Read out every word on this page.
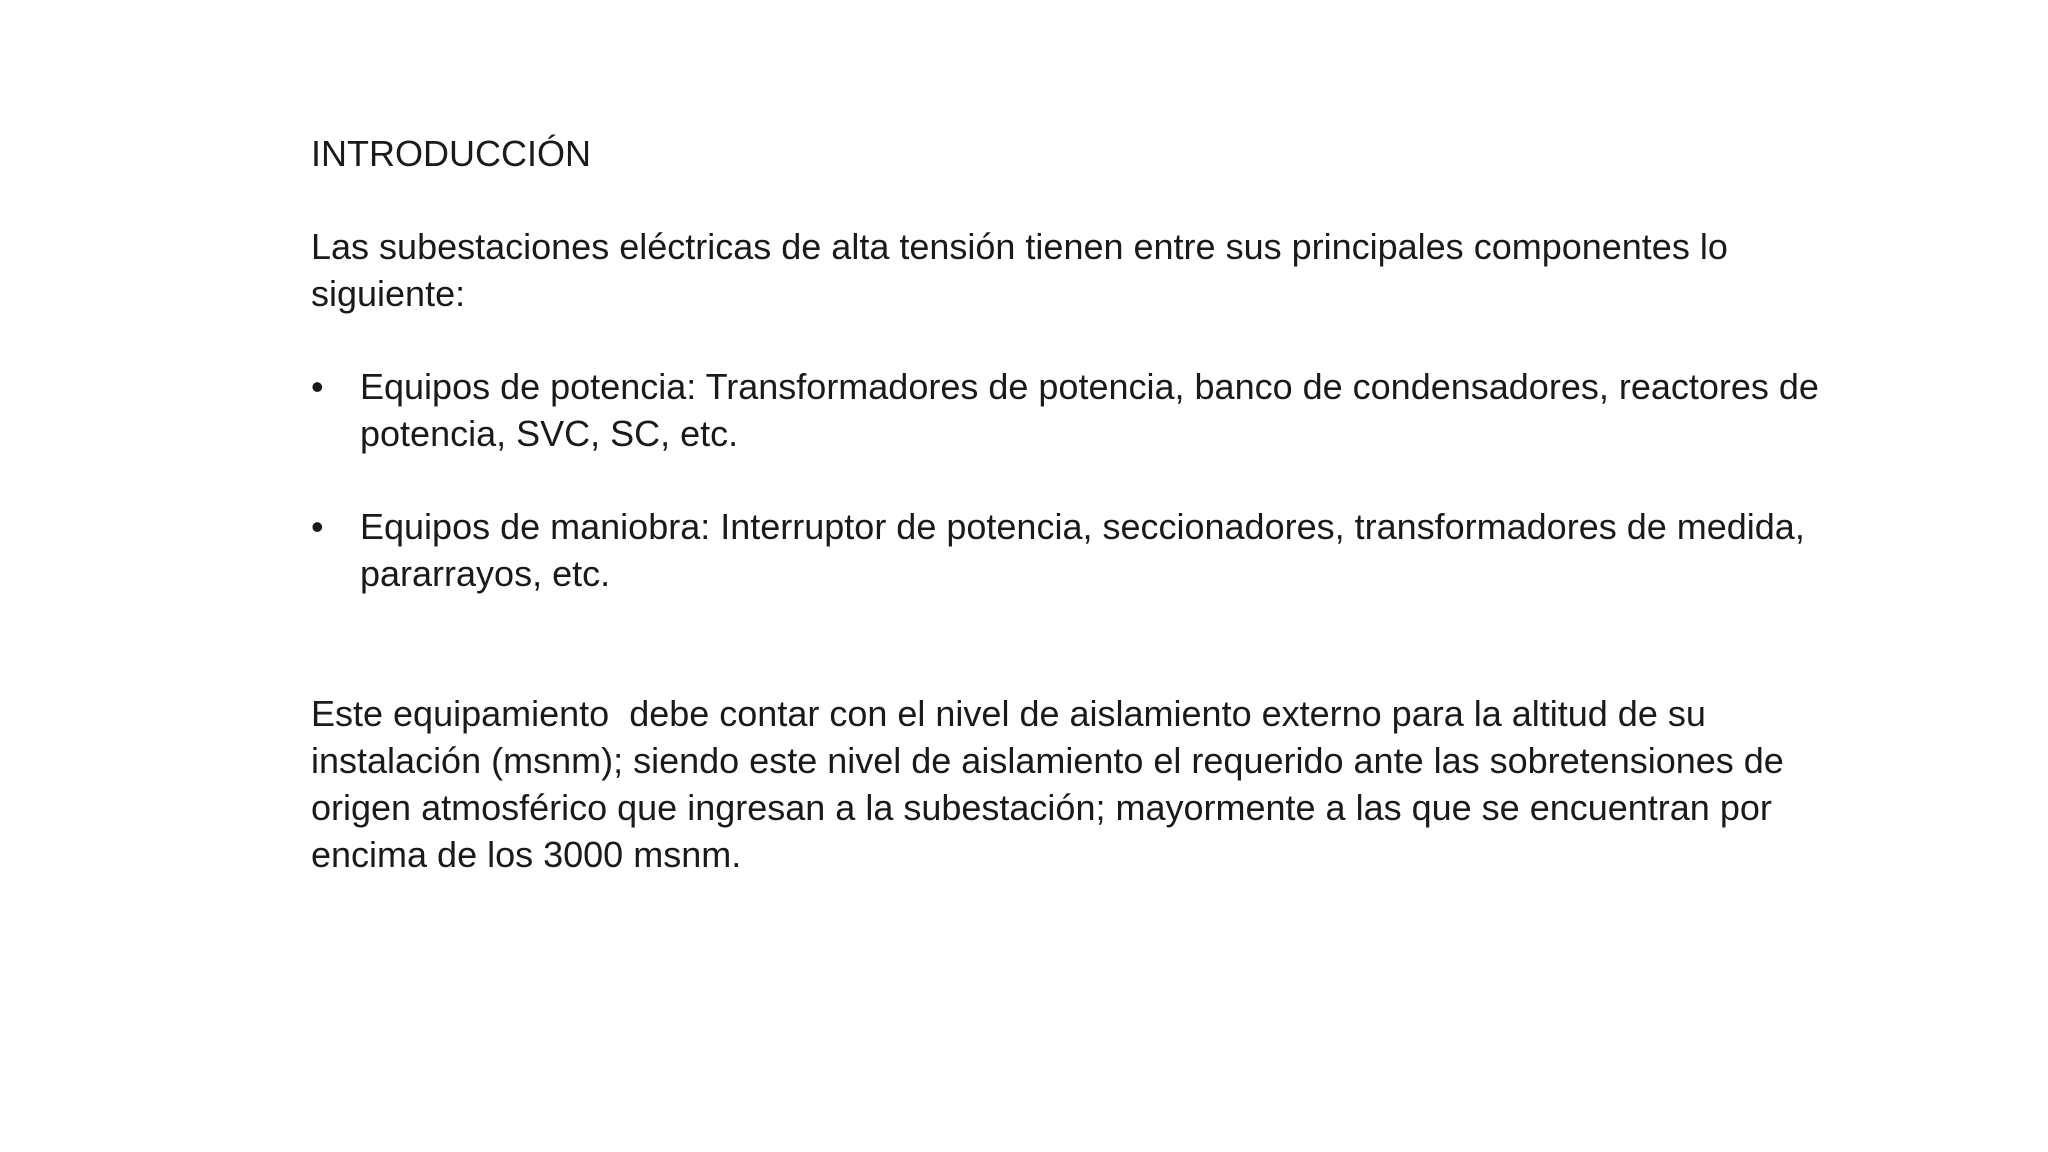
INTRODUCCIÓN

Las subestaciones eléctricas de alta tensión tienen entre sus principales componentes lo siguiente:

• Equipos de potencia: Transformadores de potencia, banco de condensadores, reactores de potencia, SVC, SC, etc.
• Equipos de maniobra: Interruptor de potencia, seccionadores, transformadores de medida, pararrayos, etc.

Este equipamiento  debe contar con el nivel de aislamiento externo para la altitud de su instalación (msnm); siendo este nivel de aislamiento el requerido ante las sobretensiones de origen atmosférico que ingresan a la subestación; mayormente a las que se encuentran por encima de los 3000 msnm.
